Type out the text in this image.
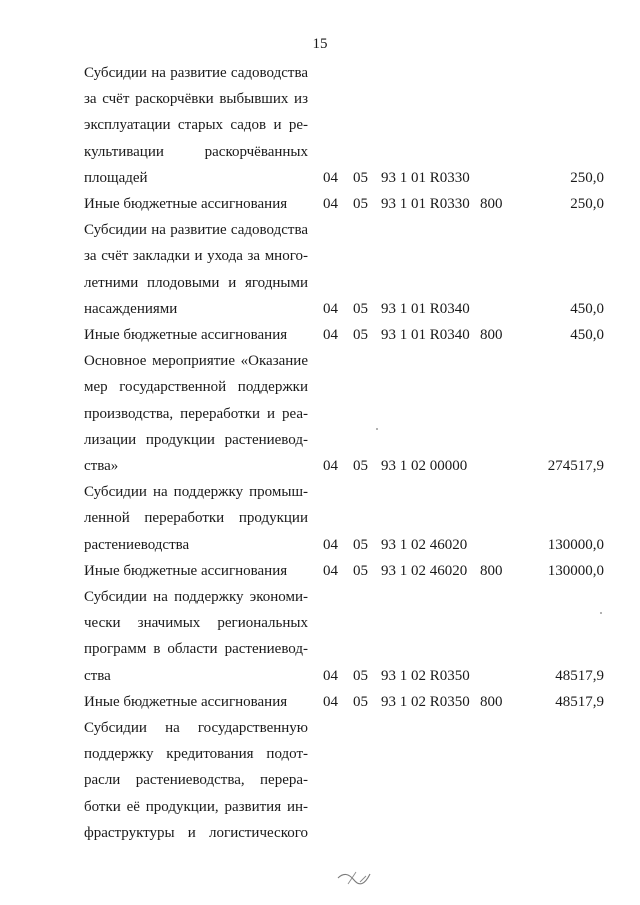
15
Субсидии на развитие садоводства
за счёт раскорчёвки выбывших из
эксплуатации старых садов и ре-
культивации раскорчёванных
площадей	04 05 93 1 01 R0330	250,0
Иные бюджетные ассигнования	04 05 93 1 01 R0330 800	250,0
Субсидии на развитие садоводства
за счёт закладки и ухода за много-
летними плодовыми и ягодными
насаждениями	04 05 93 1 01 R0340	450,0
Иные бюджетные ассигнования	04 05 93 1 01 R0340 800	450,0
Основное мероприятие «Оказание
мер государственной поддержки
производства, переработки и реа-
лизации продукции растениевод-
ства»	04 05 93 1 02 00000	274517,9
Субсидии на поддержку промыш-
ленной переработки продукции
растениеводства	04 05 93 1 02 46020	130000,0
Иные бюджетные ассигнования	04 05 93 1 02 46020 800	130000,0
Субсидии на поддержку экономи-
чески значимых региональных
программ в области растениевод-
ства	04 05 93 1 02 R0350	48517,9
Иные бюджетные ассигнования	04 05 93 1 02 R0350 800	48517,9
Субсидии на государственную
поддержку кредитования подот-
расли растениеводства, перера-
ботки её продукции, развития ин-
фраструктуры и логистического
